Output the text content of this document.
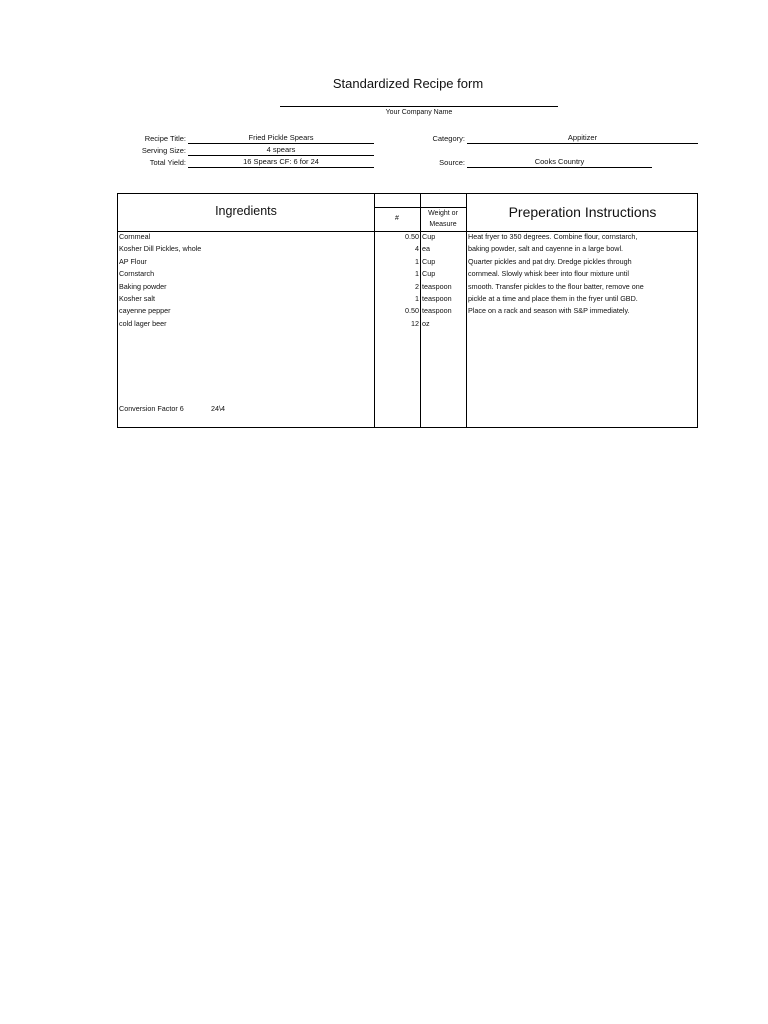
Standardized Recipe form
Your Company Name
Recipe Title:	Fried Pickle Spears
Serving Size:	4 spears
Total Yield:	16 Spears CF: 6 for 24
Category:	Appitizer
Source:	Cooks Country
Ingredients
#
Weight or
Measure
Preperation Instructions
Cornmeal	0.50 Cup
Kosher Dill Pickles, whole	4 ea
AP Flour	1 Cup
Cornstarch	1 Cup
Baking powder	2 teaspoon
Kosher salt	1 teaspoon
cayenne pepper	0.50 teaspoon
cold lager beer	12 oz
Heat fryer to 350 degrees. Combine flour, cornstarch,
baking powder, salt and cayenne in a large bowl.
Quarter pickles and pat dry. Dredge pickles through
cornmeal. Slowly whisk beer into flour mixture until
smooth. Transfer pickles to the flour batter, remove one
pickle at a time and place them in the fryer until GBD.
Place on a rack and season with S&P immediately.
Conversion Factor 6	24\4
